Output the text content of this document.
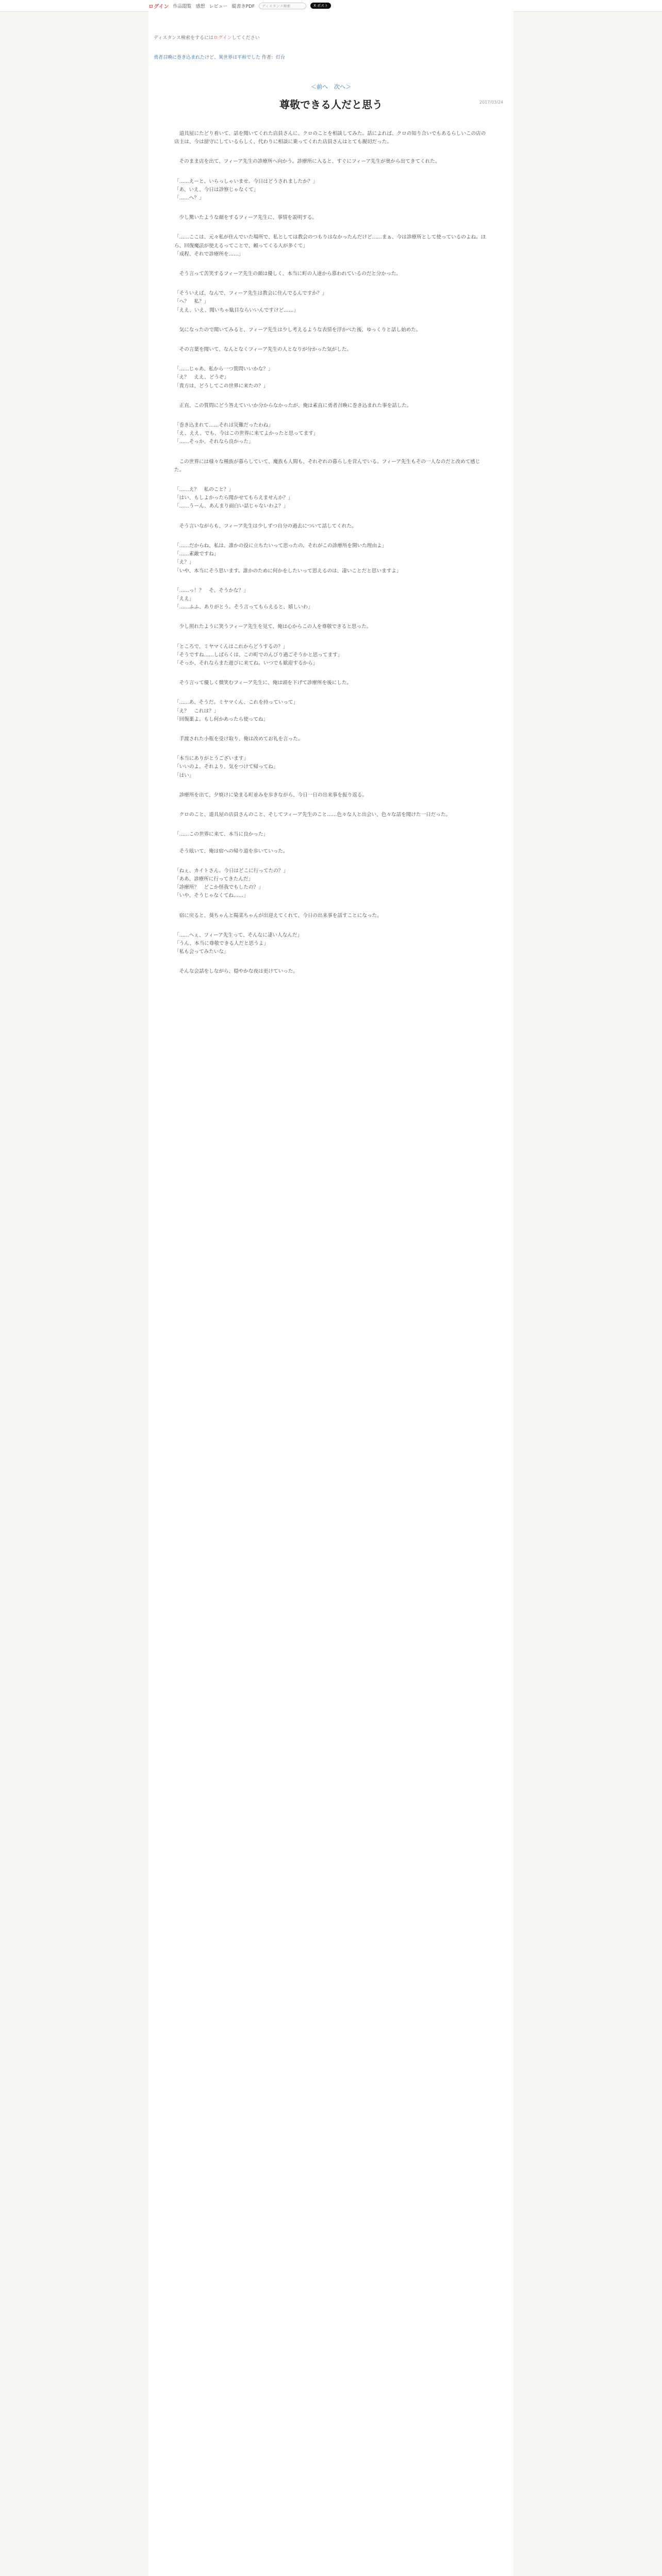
ログイン 作品閲覧 感想 レビュー 縦書きPDF	ディスタンス検索	X ポスト
ディスタンス検索をするにはログインしてください
勇者召喚に巻き込まれたけど、異世界は平和でした 作者：灯台
＜前へ 次へ＞
2017/03/24
尊敬できる人だと思う

　道具屋にたどり着いて、話を聞いてくれた店員さんに、クロのことを相談してみた。話によれば、クロの知り合いでもあるらしいこの店の店主は、今は留守にしているらしく、代わりに相談に乗ってくれた店員さんはとても親切だった。

　そのまま店を出て、フィーア先生の診療所へ向かう。診療所に入ると、すぐにフィーア先生が奥から出てきてくれた。

「……えーと、いらっしゃいませ。今日はどうされましたか？」
「あ、いえ、今日は診察じゃなくて」
「……へ？」

　少し驚いたような顔をするフィーア先生に、事情を説明する。

「……ここは、元々私が住んでいた場所で、私としては教会のつもりはなかったんだけど……まぁ、今は診療所として使っているのよね。ほら、回復魔法が使えるってことで、頼ってくる人が多くて」
「成程、それで診療所を……」

　そう言って苦笑するフィーア先生の顔は優しく、本当に町の人達から慕われているのだと分かった。

「そういえば、なんで、フィーア先生は教会に住んでるんですか？」
「へ？　私？」
「ええ、いえ、聞いちゃ駄目ならいいんですけど……」

　気になったので聞いてみると、フィーア先生は少し考えるような表情を浮かべた後、ゆっくりと話し始めた。

　その言葉を聞いて、なんとなくフィーア先生の人となりが分かった気がした。

「……じゃあ、私から一つ質問いいかな？」
「え？　ええ、どうぞ」
「貴方は、どうしてこの世界に来たの？」

　正直、この質問にどう答えていいか分からなかったが、俺は素直に勇者召喚に巻き込まれた事を話した。

「巻き込まれて……それは災難だったわね」
「え、ええ、でも、今はこの世界に来てよかったと思ってます」
「……そっか、それなら良かった」

　この世界には様々な種族が暮らしていて、魔族も人間も、それぞれの暮らしを営んでいる。フィーア先生もその一人なのだと改めて感じた。

「……え？　私のこと？」
「はい、もしよかったら聞かせてもらえませんか？」
「……うーん、あんまり面白い話じゃないわよ？」

　そう言いながらも、フィーア先生は少しずつ自分の過去について話してくれた。

「……だからね、私は、誰かの役に立ちたいって思ったの。それがこの診療所を開いた理由よ」
「……素敵ですね」
「え？」
「いや、本当にそう思います。誰かのために何かをしたいって思えるのは、凄いことだと思いますよ」

「……っ！？　そ、そうかな？」
「ええ」
「……ふふ、ありがとう。そう言ってもらえると、嬉しいわ」

　少し照れたように笑うフィーア先生を見て、俺は心からこの人を尊敬できると思った。

「ところで、ミヤマくんはこれからどうするの？」
「そうですね……しばらくは、この町でのんびり過ごそうかと思ってます」
「そっか、それならまた遊びに来てね。いつでも歓迎するから」

　そう言って優しく微笑むフィーア先生に、俺は頭を下げて診療所を後にした。

「……あ、そうだ。ミヤマくん、これを持っていって」
「え？　これは？」
「回復薬よ。もし何かあったら使ってね」

　手渡された小瓶を受け取り、俺は改めてお礼を言った。

「本当にありがとうございます」
「いいのよ。それより、気をつけて帰ってね」
「はい」

　診療所を出て、夕焼けに染まる町並みを歩きながら、今日一日の出来事を振り返る。

　クロのこと、道具屋の店員さんのこと、そしてフィーア先生のこと……色々な人と出会い、色々な話を聞けた一日だった。

「……この世界に来て、本当に良かった」

　そう呟いて、俺は宿への帰り道を歩いていった。

「ねぇ、カイトさん。今日はどこに行ってたの？」
「ああ、診療所に行ってきたんだ」
「診療所？　どこか怪我でもしたの？」
「いや、そうじゃなくてね……」

　宿に戻ると、葵ちゃんと陽菜ちゃんが出迎えてくれて、今日の出来事を話すことになった。

「……へぇ、フィーア先生って、そんなに凄い人なんだ」
「うん、本当に尊敬できる人だと思うよ」
「私も会ってみたいな」

　そんな会話をしながら、穏やかな夜は更けていった。
